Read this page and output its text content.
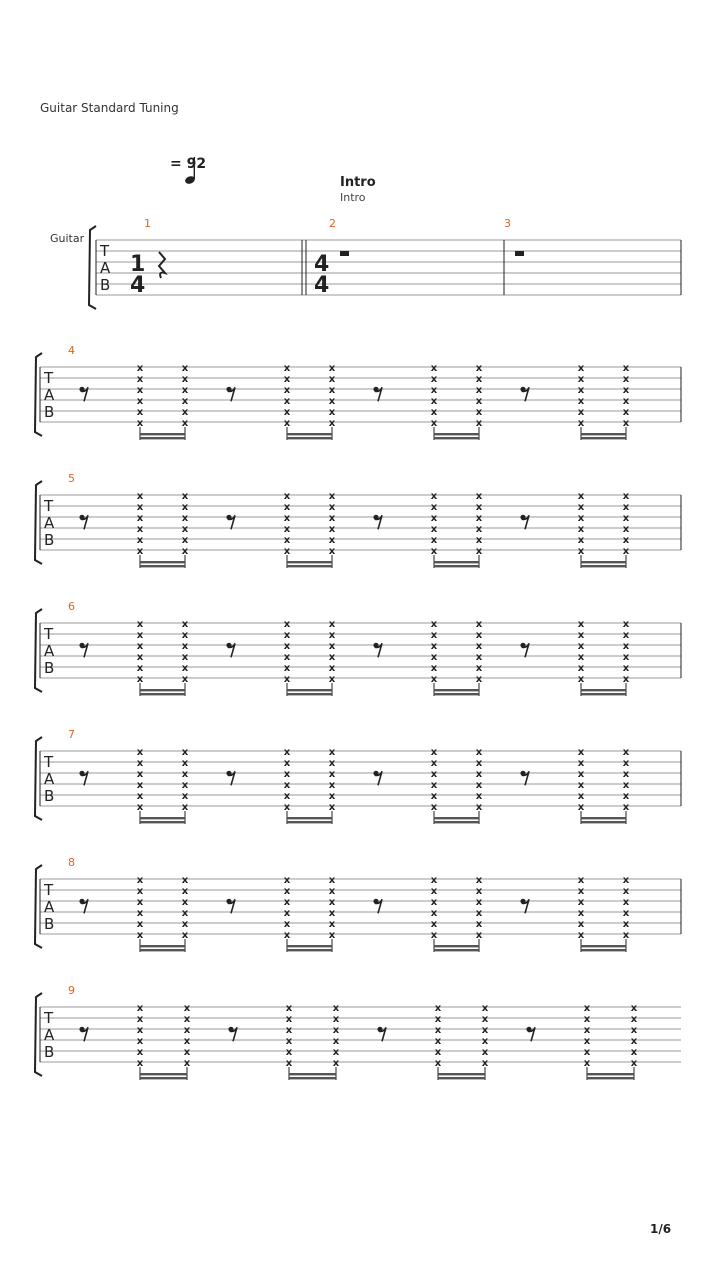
Guitar Standard Tuning
= 92
Intro
Intro
Guitar
T
A
B
1
4
4
4
T
A
B
x
x
x
x
x
x
x
x
x
x
x
x
x
x
x
x
x
x
x
x
x
x
x
x
x
x
x
x
x
x
x
x
x
x
x
x
x
x
x
x
x
x
x
x
x
x
x
x
T
A
B
x
x
x
x
x
x
x
x
x
x
x
x
x
x
x
x
x
x
x
x
x
x
x
x
x
x
x
x
x
x
x
x
x
x
x
x
x
x
x
x
x
x
x
x
x
x
x
x
T
A
B
x
x
x
x
x
x
x
x
x
x
x
x
x
x
x
x
x
x
x
x
x
x
x
x
x
x
x
x
x
x
x
x
x
x
x
x
x
x
x
x
x
x
x
x
x
x
x
x
T
A
B
x
x
x
x
x
x
x
x
x
x
x
x
x
x
x
x
x
x
x
x
x
x
x
x
x
x
x
x
x
x
x
x
x
x
x
x
x
x
x
x
x
x
x
x
x
x
x
x
T
A
B
x
x
x
x
x
x
x
x
x
x
x
x
x
x
x
x
x
x
x
x
x
x
x
x
x
x
x
x
x
x
x
x
x
x
x
x
x
x
x
x
x
x
x
x
x
x
x
x
T
A
B
x
x
x
x
x
x
x
x
x
x
x
x
x
x
x
x
x
x
x
x
x
x
x
x
x
x
x
x
x
x
x
x
x
x
x
x
x
x
x
x
x
x
x
x
x
x
x
x
1/6
1	2	3
4
5
6
7
8
9
